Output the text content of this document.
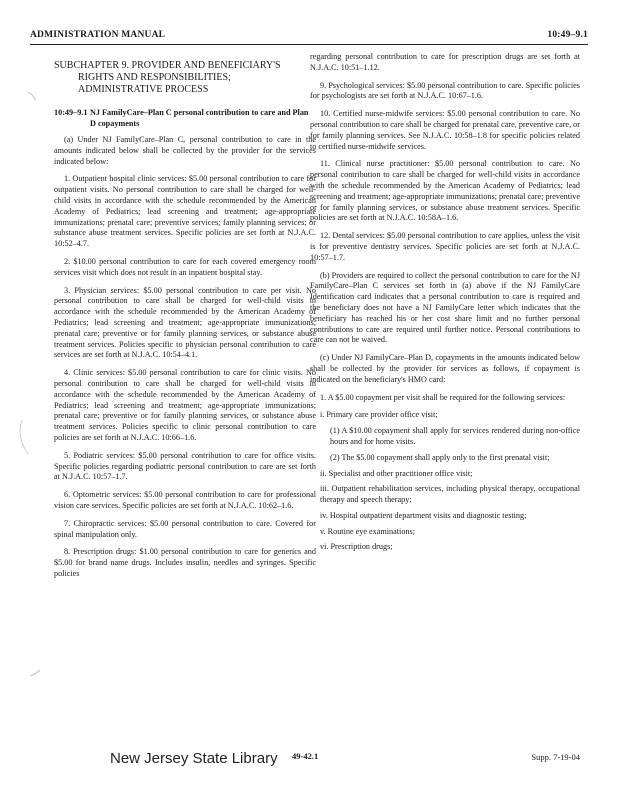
ADMINISTRATION MANUAL	10:49–9.1
SUBCHAPTER 9. PROVIDER AND BENEFICIARY'S RIGHTS AND RESPONSIBILITIES; ADMINISTRATIVE PROCESS
10:49–9.1 NJ FamilyCare–Plan C personal contribution to care and Plan D copayments

(a) Under NJ FamilyCare–Plan C, personal contribution to care in the amounts indicated below shall be collected by the provider for the services indicated below:

1. Outpatient hospital clinic services: $5.00 personal contribution to care for outpatient visits. No personal contribution to care shall be charged for well-child visits in accordance with the schedule recommended by the American Academy of Pediatrics; lead screening and treatment; age-appropriate immunizations; prenatal care; preventive services; family planning services; or substance abuse treatment services. Specific policies are set forth at N.J.A.C. 10:52–4.7.

2. $10.00 personal contribution to care for each covered emergency room services visit which does not result in an inpatient hospital stay.

3. Physician services: $5.00 personal contribution to care per visit. No personal contribution to care shall be charged for well-child visits in accordance with the schedule recommended by the American Academy of Pediatrics; lead screening and treatment; age-appropriate immunizations; prenatal care; preventive or for family planning services, or substance abuse treatment services. Policies specific to physician personal contribution to care services are set forth at N.J.A.C. 10:54–4.1.

4. Clinic services: $5.00 personal contribution to care for clinic visits. No personal contribution to care shall be charged for well-child visits in accordance with the schedule recommended by the American Academy of Pediatrics; lead screening and treatment; age-appropriate immunizations; prenatal care; preventive or for family planning services, or substance abuse treatment services. Policies specific to clinic personal contribution to care policies are set forth at N.J.A.C. 10:66–1.6.

5. Podiatric services: $5.00 personal contribution to care for office visits. Specific policies regarding podiatric personal contribution to care are set forth at N.J.A.C. 10:57–1.7.

6. Optometric services: $5.00 personal contribution to care for professional vision care services. Specific policies are set forth at N.J.A.C. 10:62–1.6.

7. Chiropractic services: $5.00 personal contribution to care. Covered for spinal manipulation only.

8. Prescription drugs: $1.00 personal contribution to care for generics and $5.00 for brand name drugs. Includes insulin, needles and syringes. Specific policies

regarding personal contribution to care for prescription drugs are set forth at N.J.A.C. 10:51–1.12.

9. Psychological services: $5.00 personal contribution to care. Specific policies for psychologists are set forth at N.J.A.C. 10:67–1.6.

10. Certified nurse-midwife services: $5.00 personal contribution to care. No personal contribution to care shall be charged for prenatal care, preventive care, or for family planning services. See N.J.A.C. 10:58–1.8 for specific policies related to certified nurse-midwife services.

11. Clinical nurse practitioner: $5.00 personal contribution to care. No personal contribution to care shall be charged for well-child visits in accordance with the schedule recommended by the American Academy of Pediatrics; lead screening and treatment; age-appropriate immunizations; prenatal care; preventive or for family planning services, or substance abuse treatment services. Specific policies are set forth at N.J.A.C. 10:58A–1.6.

12. Dental services: $5.00 personal contribution to care applies, unless the visit is for preventive dentistry services. Specific policies are set forth at N.J.A.C. 10:57–1.7.

(b) Providers are required to collect the personal contribution to care for the NJ FamilyCare–Plan C services set forth in (a) above if the NJ FamilyCare Identification card indicates that a personal contribution to care is required and the beneficiary does not have a NJ FamilyCare letter which indicates that the beneficiary has reached his or her cost share limit and no further personal contributions to care are required until further notice. Personal contributions to care can not be waived.

(c) Under NJ FamilyCare–Plan D, copayments in the amounts indicated below shall be collected by the provider for services as follows, if copayment is indicated on the beneficiary's HMO card:

1. A $5.00 copayment per visit shall be required for the following services:

i. Primary care provider office visit;

(1) A $10.00 copayment shall apply for services rendered during non-office hours and for home visits.

(2) The $5.00 copayment shall apply only to the first prenatal visit;

ii. Specialist and other practitioner office visit;

iii. Outpatient rehabilitation services, including physical therapy, occupational therapy and speech therapy;

iv. Hospital outpatient department visits and diagnostic testing;

v. Routine eye examinations;

vi. Prescription drugs;

New Jersey State Library 49-42.1	Supp. 7-19-04
